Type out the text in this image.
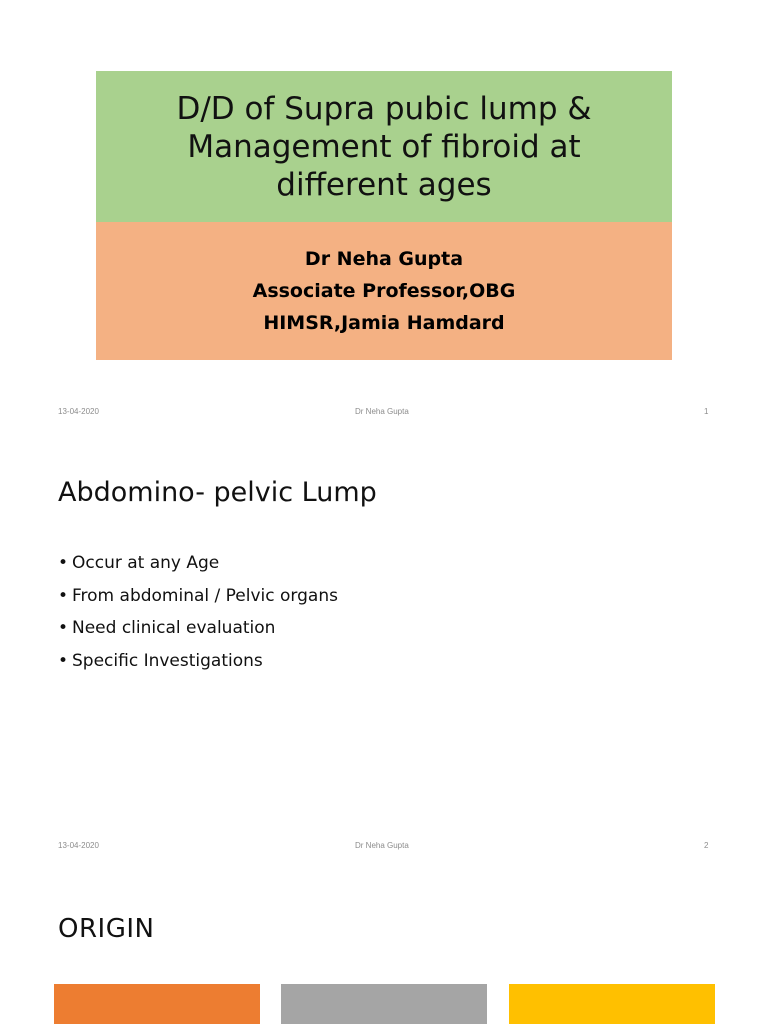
D/D of Supra pubic lump & Management of fibroid at different ages
Dr Neha Gupta
Associate Professor,OBG
HIMSR,Jamia Hamdard
13-04-2020	Dr Neha Gupta	1
Abdomino- pelvic Lump
• Occur at any Age
• From abdominal / Pelvic organs
• Need clinical evaluation
• Specific Investigations
13-04-2020	Dr Neha Gupta	2
ORIGIN
